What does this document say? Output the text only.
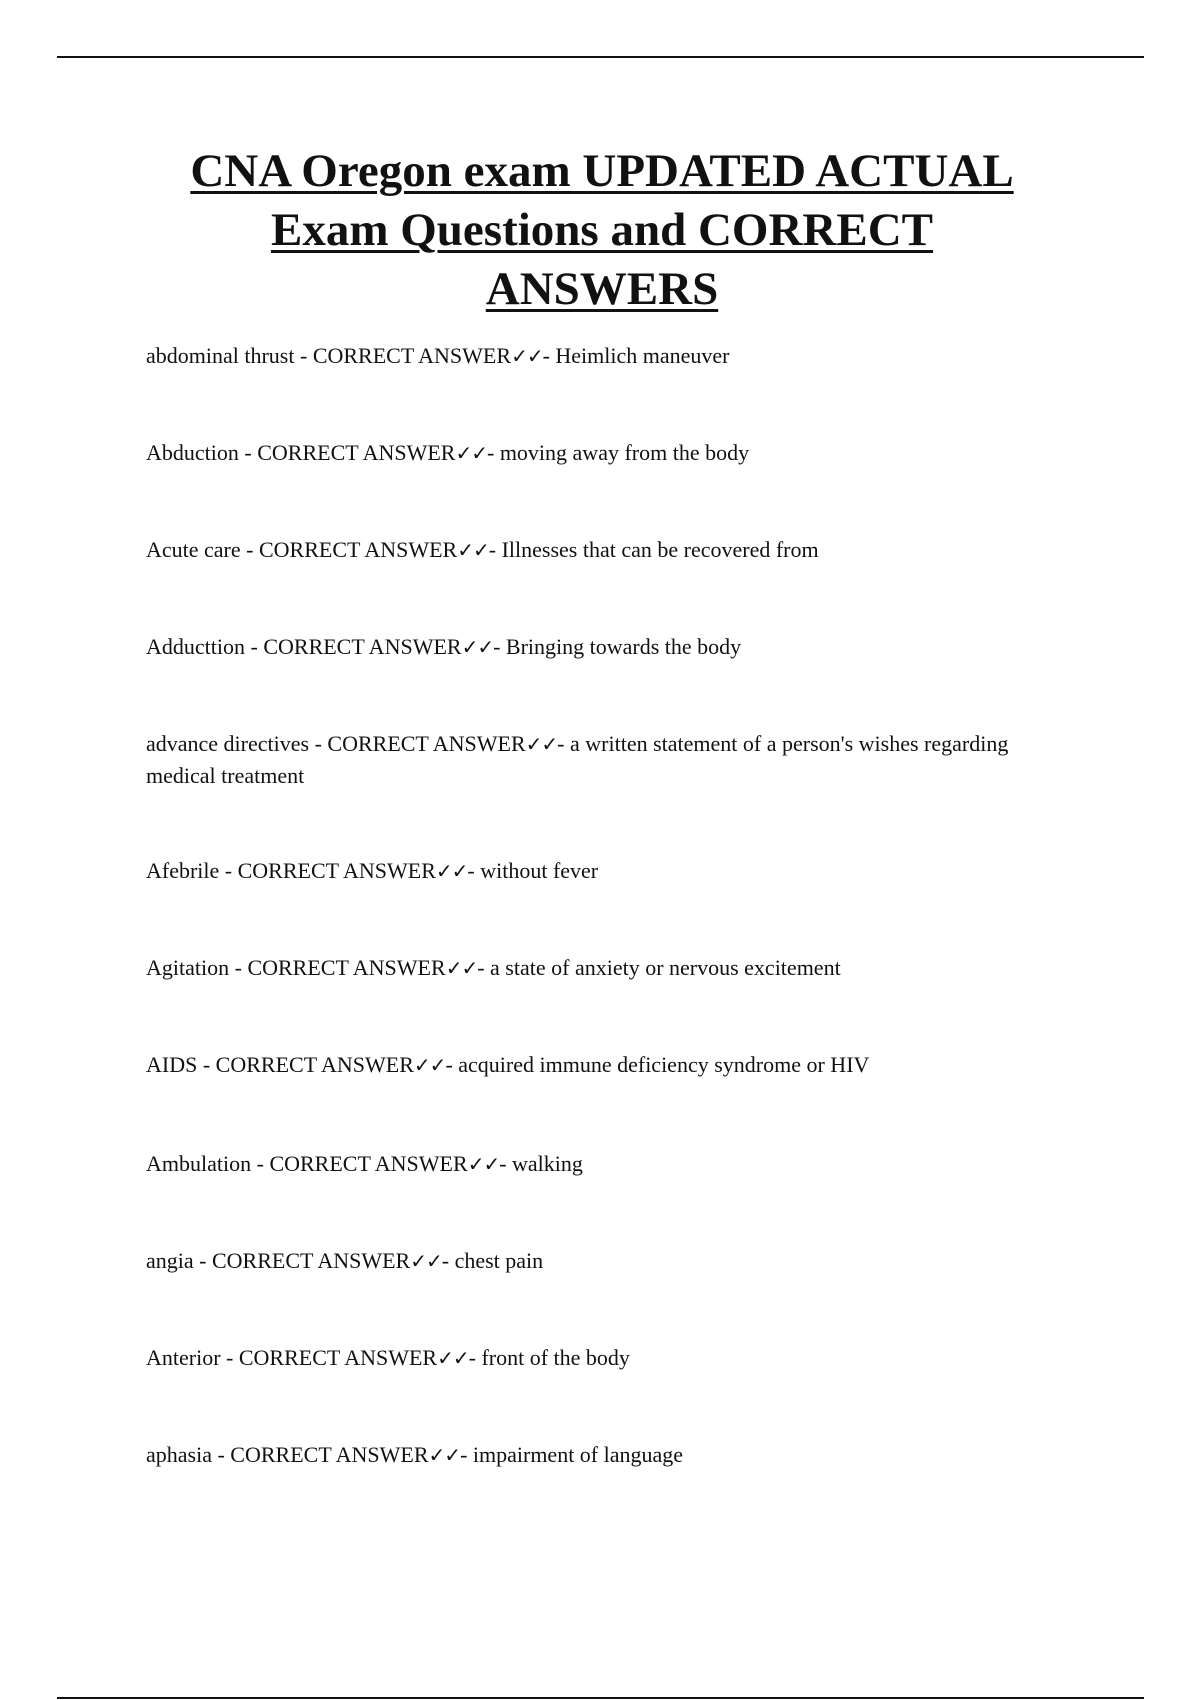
CNA Oregon exam UPDATED ACTUAL
Exam Questions and CORRECT
ANSWERS
abdominal thrust - CORRECT ANSWER✓✓- Heimlich maneuver
Abduction - CORRECT ANSWER✓✓- moving away from the body
Acute care - CORRECT ANSWER✓✓- Illnesses that can be recovered from
Adducttion - CORRECT ANSWER✓✓- Bringing towards the body
advance directives - CORRECT ANSWER✓✓- a written statement of a person's wishes regarding medical treatment
Afebrile - CORRECT ANSWER✓✓- without fever
Agitation - CORRECT ANSWER✓✓- a state of anxiety or nervous excitement
AIDS - CORRECT ANSWER✓✓- acquired immune deficiency syndrome or HIV
Ambulation - CORRECT ANSWER✓✓- walking
angia - CORRECT ANSWER✓✓- chest pain
Anterior - CORRECT ANSWER✓✓- front of the body
aphasia - CORRECT ANSWER✓✓- impairment of language
